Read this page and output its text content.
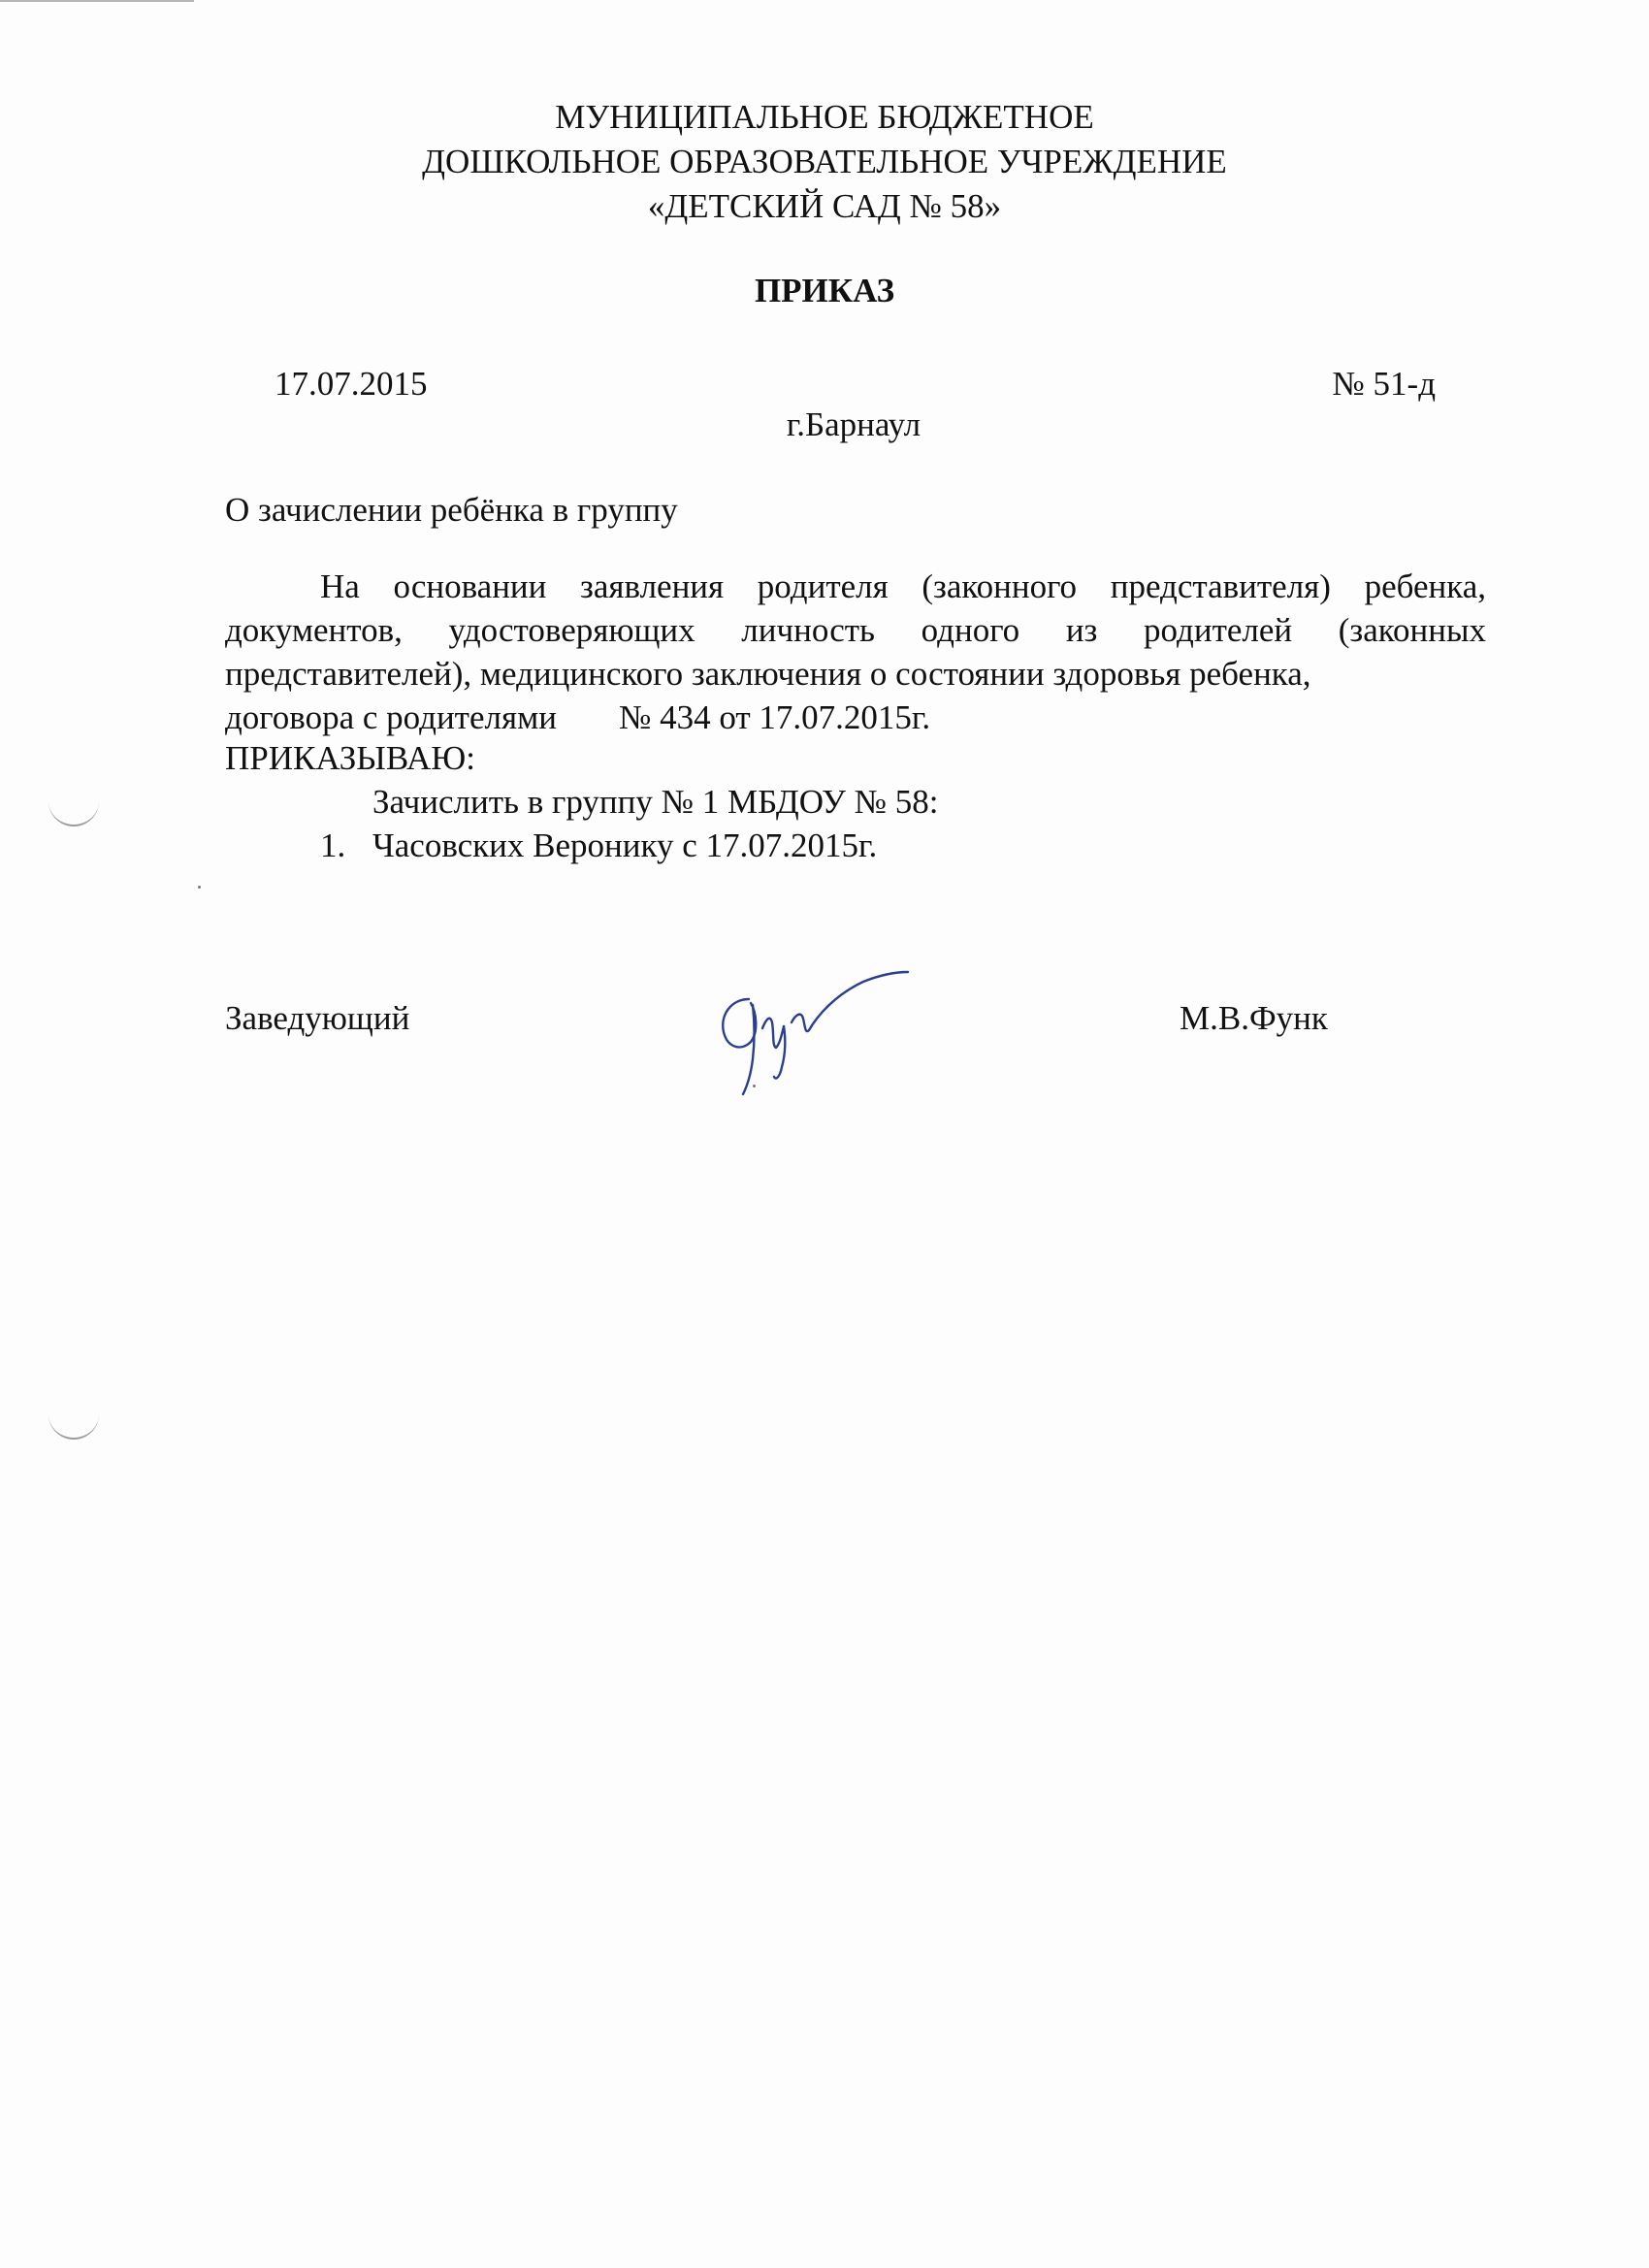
МУНИЦИПАЛЬНОЕ БЮДЖЕТНОЕ
ДОШКОЛЬНОЕ ОБРАЗОВАТЕЛЬНОЕ УЧРЕЖДЕНИЕ
«ДЕТСКИЙ САД № 58»
ПРИКАЗ
17.07.2015	№ 51-д
г.Барнаул
О зачислении ребёнка в группу
На основании заявления родителя (законного представителя) ребенка, документов, удостоверяющих личность одного из родителей (законных представителей), медицинского заключения о состоянии здоровья ребенка,
договора с родителями № 434 от 17.07.2015г.
ПРИКАЗЫВАЮ:
Зачислить в группу № 1 МБДОУ № 58:
1. Часовских Веронику с 17.07.2015г.
Заведующий	М.В.Функ
